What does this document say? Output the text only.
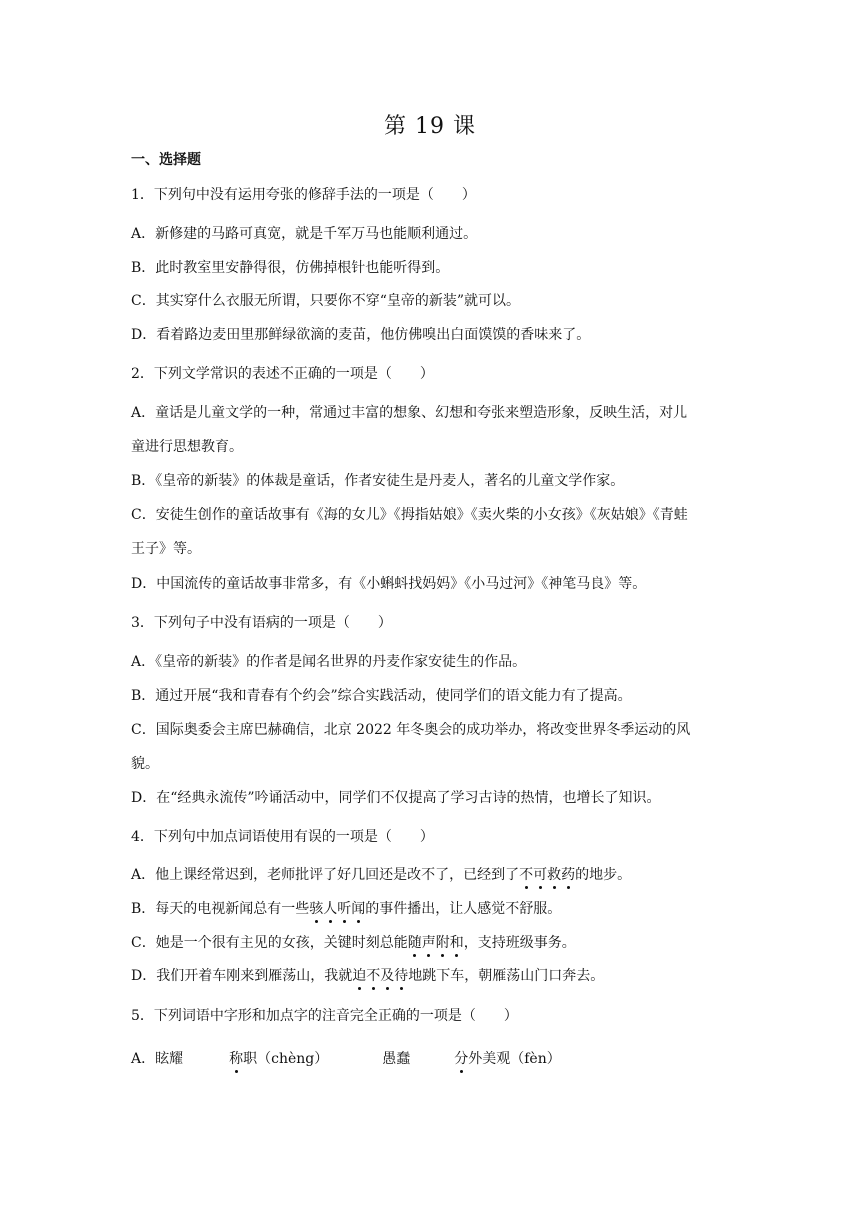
第 19 课
一、选择题
1．下列句中没有运用夸张的修辞手法的一项是（　　）
A．新修建的马路可真宽，就是千军万马也能顺利通过。
B．此时教室里安静得很，仿佛掉根针也能听得到。
C．其实穿什么衣服无所谓，只要你不穿“皇帝的新装”就可以。
D．看着路边麦田里那鲜绿欲滴的麦苗，他仿佛嗅出白面馍馍的香味来了。
2．下列文学常识的表述不正确的一项是（　　）
A．童话是儿童文学的一种，常通过丰富的想象、幻想和夸张来塑造形象，反映生活，对儿
童进行思想教育。
B．《皇帝的新装》的体裁是童话，作者安徒生是丹麦人，著名的儿童文学作家。
C．安徒生创作的童话故事有《海的女儿》《拇指姑娘》《卖火柴的小女孩》《灰姑娘》《青蛙
王子》等。
D．中国流传的童话故事非常多，有《小蝌蚪找妈妈》《小马过河》《神笔马良》等。
3．下列句子中没有语病的一项是（　　）
A．《皇帝的新装》的作者是闻名世界的丹麦作家安徒生的作品。
B．通过开展“我和青春有个约会”综合实践活动，使同学们的语文能力有了提高。
C．国际奥委会主席巴赫确信，北京 2022 年冬奥会的成功举办，将改变世界冬季运动的风
貌。
D．在“经典永流传”吟诵活动中，同学们不仅提高了学习古诗的热情，也增长了知识。
4．下列句中加点词语使用有误的一项是（　　）
A．他上课经常迟到，老师批评了好几回还是改不了，已经到了不可救药的地步。
B．每天的电视新闻总有一些骇人听闻的事件播出，让人感觉不舒服。
C．她是一个很有主见的女孩，关键时刻总能随声附和，支持班级事务。
D．我们开着车刚来到雁荡山，我就迫不及待地跳下车，朝雁荡山门口奔去。
5．下列词语中字形和加点字的注音完全正确的一项是（　　）
A．眩耀	称职（chèng）	愚蠢	分外美观（fèn）
